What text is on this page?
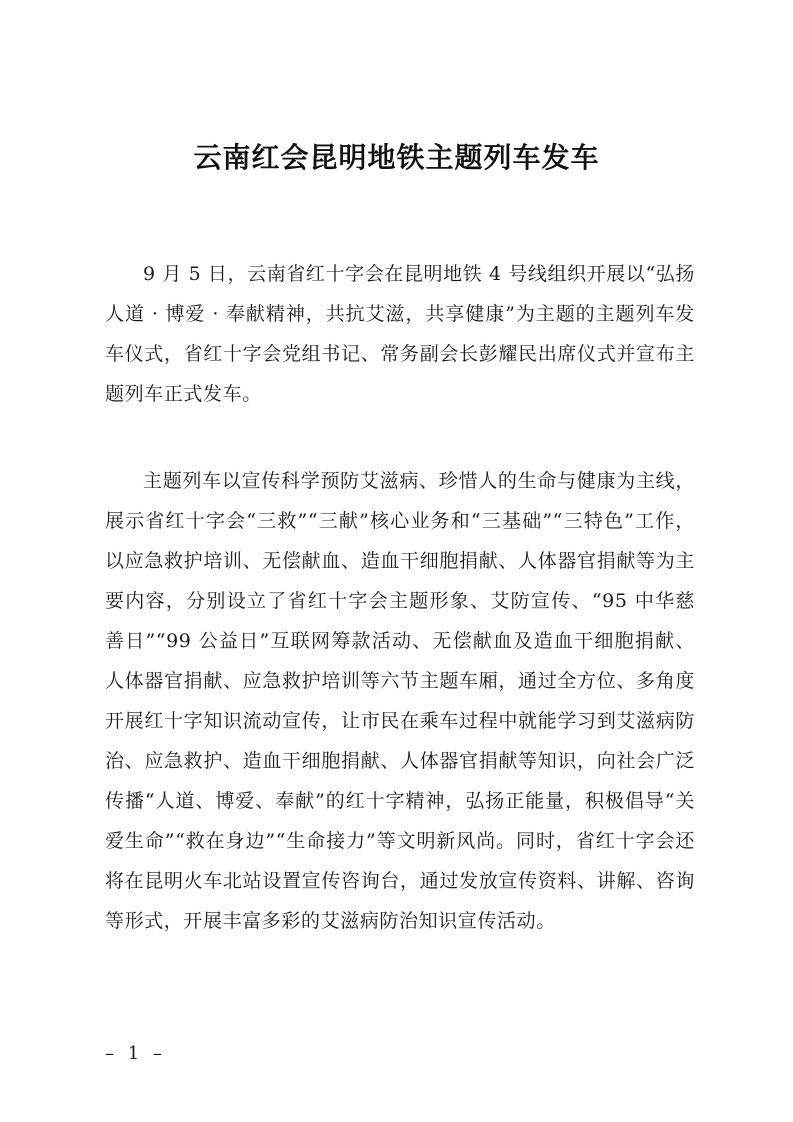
云南红会昆明地铁主题列车发车

9 月 5 日，云南省红十字会在昆明地铁 4 号线组织开展以“弘扬人道 · 博爱 · 奉献精神，共抗艾滋，共享健康”为主题的主题列车发车仪式，省红十字会党组书记、常务副会长彭耀民出席仪式并宣布主题列车正式发车。

主题列车以宣传科学预防艾滋病、珍惜人的生命与健康为主线，展示省红十字会“三救”“三献”核心业务和“三基础”“三特色”工作，以应急救护培训、无偿献血、造血干细胞捐献、人体器官捐献等为主要内容，分别设立了省红十字会主题形象、艾防宣传、“95 中华慈善日”“99 公益日”互联网筹款活动、无偿献血及造血干细胞捐献、人体器官捐献、应急救护培训等六节主题车厢，通过全方位、多角度开展红十字知识流动宣传，让市民在乘车过程中就能学习到艾滋病防治、应急救护、造血干细胞捐献、人体器官捐献等知识，向社会广泛传播“人道、博爱、奉献”的红十字精神，弘扬正能量，积极倡导“关爱生命”“救在身边”“生命接力”等文明新风尚。同时，省红十字会还将在昆明火车北站设置宣传咨询台，通过发放宣传资料、讲解、咨询等形式，开展丰富多彩的艾滋病防治知识宣传活动。

– 1 –
